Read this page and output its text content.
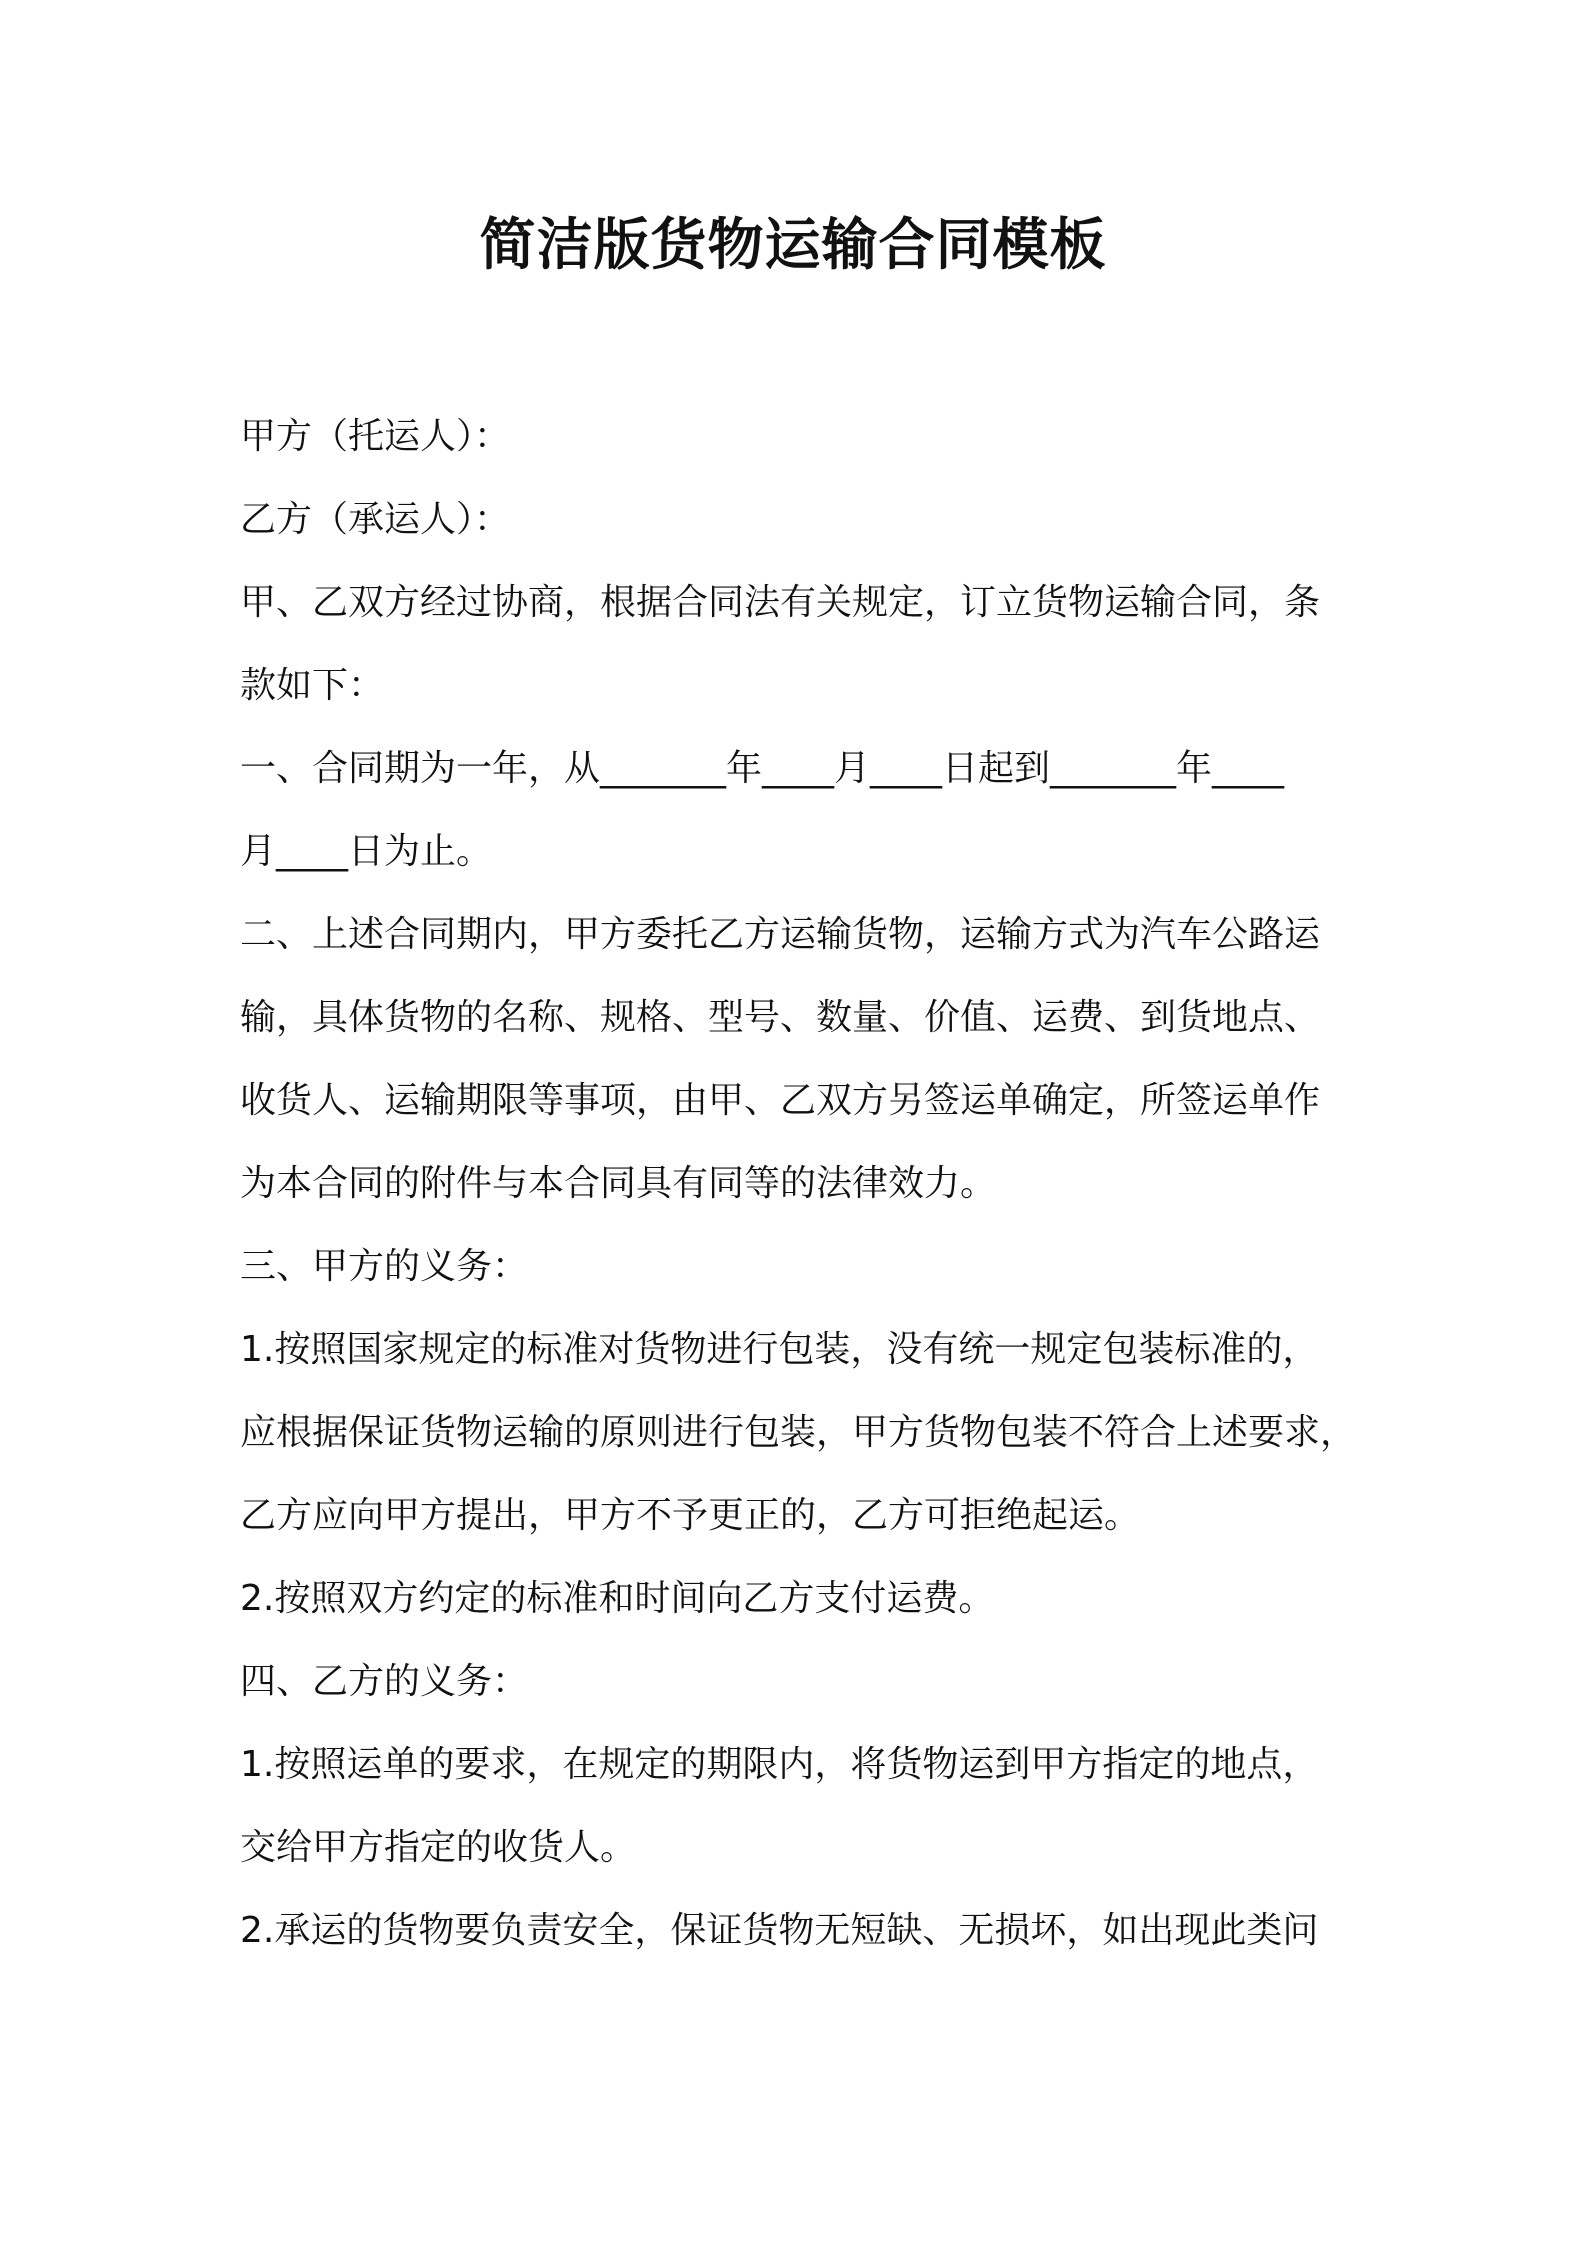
简洁版货物运输合同模板
甲方（托运人）：
乙方（承运人）：
甲、乙双方经过协商，根据合同法有关规定，订立货物运输合同，条
款如下：
一、合同期为一年，从_______年____月____日起到_______年____
月____日为止。
二、上述合同期内，甲方委托乙方运输货物，运输方式为汽车公路运
输，具体货物的名称、规格、型号、数量、价值、运费、到货地点、
收货人、运输期限等事项，由甲、乙双方另签运单确定，所签运单作
为本合同的附件与本合同具有同等的法律效力。
三、甲方的义务：
1.按照国家规定的标准对货物进行包装，没有统一规定包装标准的，
应根据保证货物运输的原则进行包装，甲方货物包装不符合上述要求，
乙方应向甲方提出，甲方不予更正的，乙方可拒绝起运。
2.按照双方约定的标准和时间向乙方支付运费。
四、乙方的义务：
1.按照运单的要求，在规定的期限内，将货物运到甲方指定的地点，
交给甲方指定的收货人。
2.承运的货物要负责安全，保证货物无短缺、无损坏，如出现此类问
